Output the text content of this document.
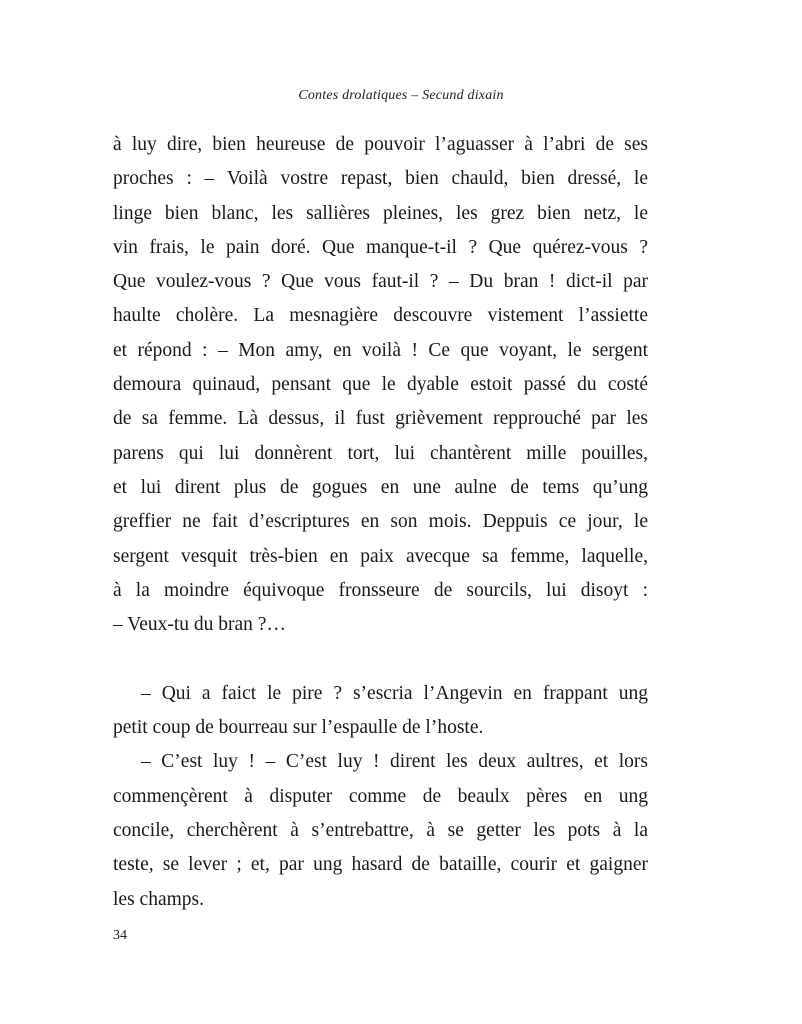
Contes drolatiques – Secund dixain
à luy dire, bien heureuse de pouvoir l’aguasser à l’abri de ses
proches : – Voilà vostre repast, bien chauld, bien dressé, le
linge bien blanc, les sallières pleines, les grez bien netz, le
vin frais, le pain doré. Que manque-t-il ? Que quérez-vous ?
Que voulez-vous ? Que vous faut-il ? – Du bran ! dict-il par
haulte cholère. La mesnagière descouvre vistement l’assiette
et répond : – Mon amy, en voilà ! Ce que voyant, le sergent
demoura quinaud, pensant que le dyable estoit passé du costé
de sa femme. Là dessus, il fust grièvement repprouché par les
parens qui lui donnèrent tort, lui chantèrent mille pouilles,
et lui dirent plus de gogues en une aulne de tems qu’ung
greffier ne fait d’escriptures en son mois. Deppuis ce jour, le
sergent vesquit très-bien en paix avecque sa femme, laquelle,
à la moindre équivoque fronsseure de sourcils, lui disoyt :
– Veux-tu du bran ?…
– Qui a faict le pire ? s’escria l’Angevin en frappant ung
petit coup de bourreau sur l’espaulle de l’hoste.
– C’est luy ! – C’est luy ! dirent les deux aultres, et lors
commençèrent à disputer comme de beaulx pères en ung
concile, cherchèrent à s’entrebattre, à se getter les pots à la
teste, se lever ; et, par ung hasard de bataille, courir et gaigner
les champs.
34
